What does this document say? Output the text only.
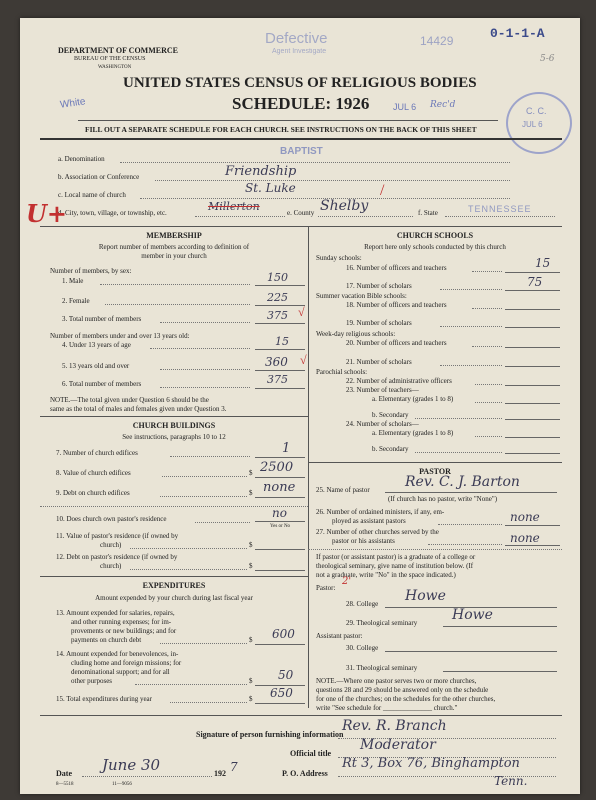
DEPARTMENT OF COMMERCE
BUREAU OF THE CENSUS
WASHINGTON
Defective
Agent Investigate
14429	0-1-1-A
5-6
White
UNITED STATES CENSUS OF RELIGIOUS BODIES
SCHEDULE: 1926	JUL 6 Rec'd
C. C.
JUL 6
FILL OUT A SEPARATE SCHEDULE FOR EACH CHURCH. SEE INSTRUCTIONS ON THE BACK OF THIS SHEET
a. Denomination
BAPTIST
b. Association or Conference	Friendship
c. Local name of church	St. Luke
d. City, town, village, or township, etc.	Millerton	e. County Shelby
/
f. State	TENNESSEE
U+
MEMBERSHIP
Report number of members according to definition of
member in your church
Number of members, by sex:
1. Male	150
2. Female	225
3. Total number of members	375 √
Number of members under and over 13 years old:
4. Under 13 years of age	15
5. 13 years old and over	360 √
6. Total number of members	375
NOTE.—The total given under Question 6 should be the
same as the total of males and females given under Question 3.
CHURCH BUILDINGS
See instructions, paragraphs 10 to 12
7. Number of church edifices	1
8. Value of church edifices	$ 2500
9. Debt on church edifices	$ none
10. Does church own pastor's residence	no
Yes or No
11. Value of pastor's residence (if owned by
church)	$
12. Debt on pastor's residence (if owned by
church)	$
EXPENDITURES
Amount expended by your church during last fiscal year
13. Amount expended for salaries, repairs,
and other running expenses; for im-
provements or new buildings; and for
payments on church debt	$ 600
14. Amount expended for benevolences, in-
cluding home and foreign missions; for
denominational support; and for all
other purposes	$ 50
15. Total expenditures during year	$ 650
CHURCH SCHOOLS
Report here only schools conducted by this church
Sunday schools:
16. Number of officers and teachers	15
17. Number of scholars	75
Summer vacation Bible schools:
18. Number of officers and teachers
19. Number of scholars
Week-day religious schools:
20. Number of officers and teachers
21. Number of scholars
Parochial schools:
22. Number of administrative officers
23. Number of teachers—
a. Elementary (grades 1 to 8)
b. Secondary
24. Number of scholars—
a. Elementary (grades 1 to 8)
b. Secondary
PASTOR
25. Name of pastor	Rev. C. J. Barton
(If church has no pastor, write "None")
26. Number of ordained ministers, if any, em-
ployed as assistant pastors	none
27. Number of other churches served by the
pastor or his assistants	none
If pastor (or assistant pastor) is a graduate of a college or
theological seminary, give name of institution below. (If
not a graduate, write "No" in the space indicated.)
Pastor:
2'
28. College Howe
29. Theological seminary Howe
Assistant pastor:
30. College
31. Theological seminary
NOTE.—Where one pastor serves two or more churches,
questions 28 and 29 should be answered only on the schedule
for one of the churches; on the schedules for the other churches,
write "See schedule for ______________ church."
Signature of person furnishing information
Rev. R. Branch
Official title
Moderator
Date June 30	192 7	P. O. Address
Rt 3, Box 76, Binghampton
Tenn.
8—5518	11—9056
